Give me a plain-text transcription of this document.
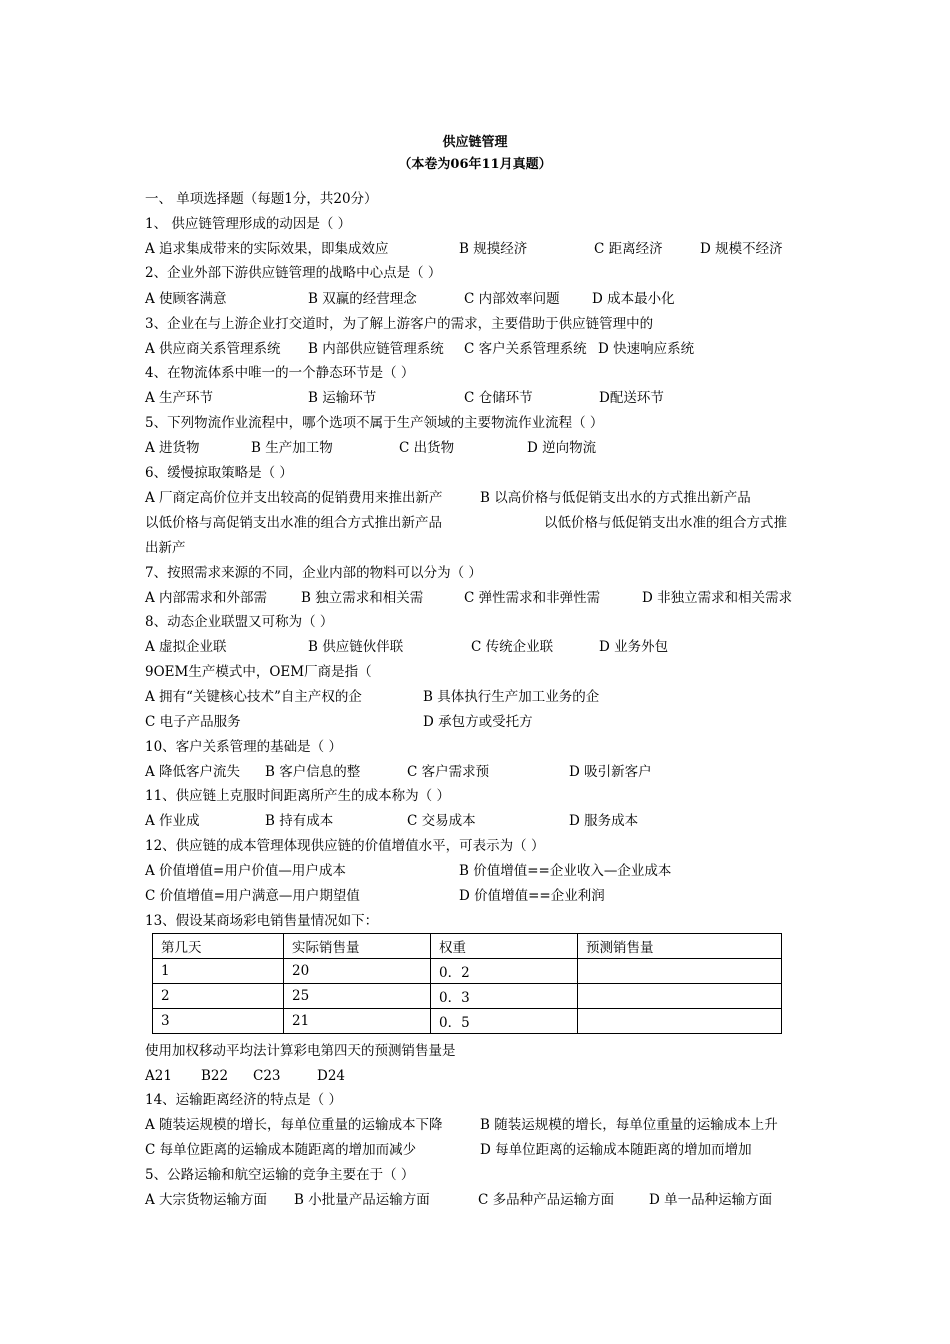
供应链管理
（本卷为06年11月真题）
一、 单项选择题（每题1分，共20分）
1、 供应链管理形成的动因是（ ）
A 追求集成带来的实际效果，即集成效应	B 规摸经济	C 距离经济	D 规模不经济
2、企业外部下游供应链管理的战略中心点是（ ）
A 使顾客满意	B 双赢的经营理念	C 内部效率问题 D 成本最小化
3、企业在与上游企业打交道时，为了解上游客户的需求，主要借助于供应链管理中的
A 供应商关系管理系统 B 内部供应链管理系统 C 客户关系管理系统 D 快速响应系统
4、在物流体系中唯一的一个静态环节是（ ）
A 生产环节	B 运输环节	C 仓储环节	D配送环节
5、下列物流作业流程中，哪个选项不属于生产领域的主要物流作业流程（ ）
A 进货物	B 生产加工物	C 出货物	D 逆向物流
6、缓慢掠取策略是（ ）
A 厂商定高价位并支出较高的促销费用来推出新产	B 以高价格与低促销支出水的方式推出新产品
以低价格与高促销支出水准的组合方式推出新产品	以低价格与低促销支出水准的组合方式推
出新产
7、按照需求来源的不同，企业内部的物料可以分为（ ）
A 内部需求和外部需	B 独立需求和相关需	C 弹性需求和非弹性需	D 非独立需求和相关需求
8、动态企业联盟又可称为（ ）
A 虚拟企业联	B 供应链伙伴联	C 传统企业联	D 业务外包
9OEM生产模式中，OEM厂商是指（
A 拥有“关键核心技术”自主产权的企	B 具体执行生产加工业务的企
C 电子产品服务	D 承包方或受托方
10、客户关系管理的基础是（ ）
A 降低客户流失 B 客户信息的整	C 客户需求预	D 吸引新客户
11、供应链上克服时间距离所产生的成本称为（ ）
A 作业成	B 持有成本	C 交易成本	D 服务成本
12、供应链的成本管理体现供应链的价值增值水平，可表示为（ ）
A 价值增值=用户价值—用户成本	B 价值增值==企业收入—企业成本
C 价值增值=用户满意—用户期望值	D 价值增值==企业利润
13、假设某商场彩电销售量情况如下：
第几天	实际销售量	权重	预测销售量
1	20	0．2	
2	25	0．3	
3	21	0．5	
使用加权移动平均法计算彩电第四天的预测销售量是
A21 B22 C23	D24
14、运输距离经济的特点是（ ）
A 随装运规模的增长，每单位重量的运输成本下降	B 随装运规模的增长，每单位重量的运输成本上升
C 每单位距离的运输成本随距离的增加而减少	D 每单位距离的运输成本随距离的增加而增加
5、公路运输和航空运输的竞争主要在于（ ）
A 大宗货物运输方面 B 小批量产品运输方面	C 多品种产品运输方面	D 单一品种运输方面
